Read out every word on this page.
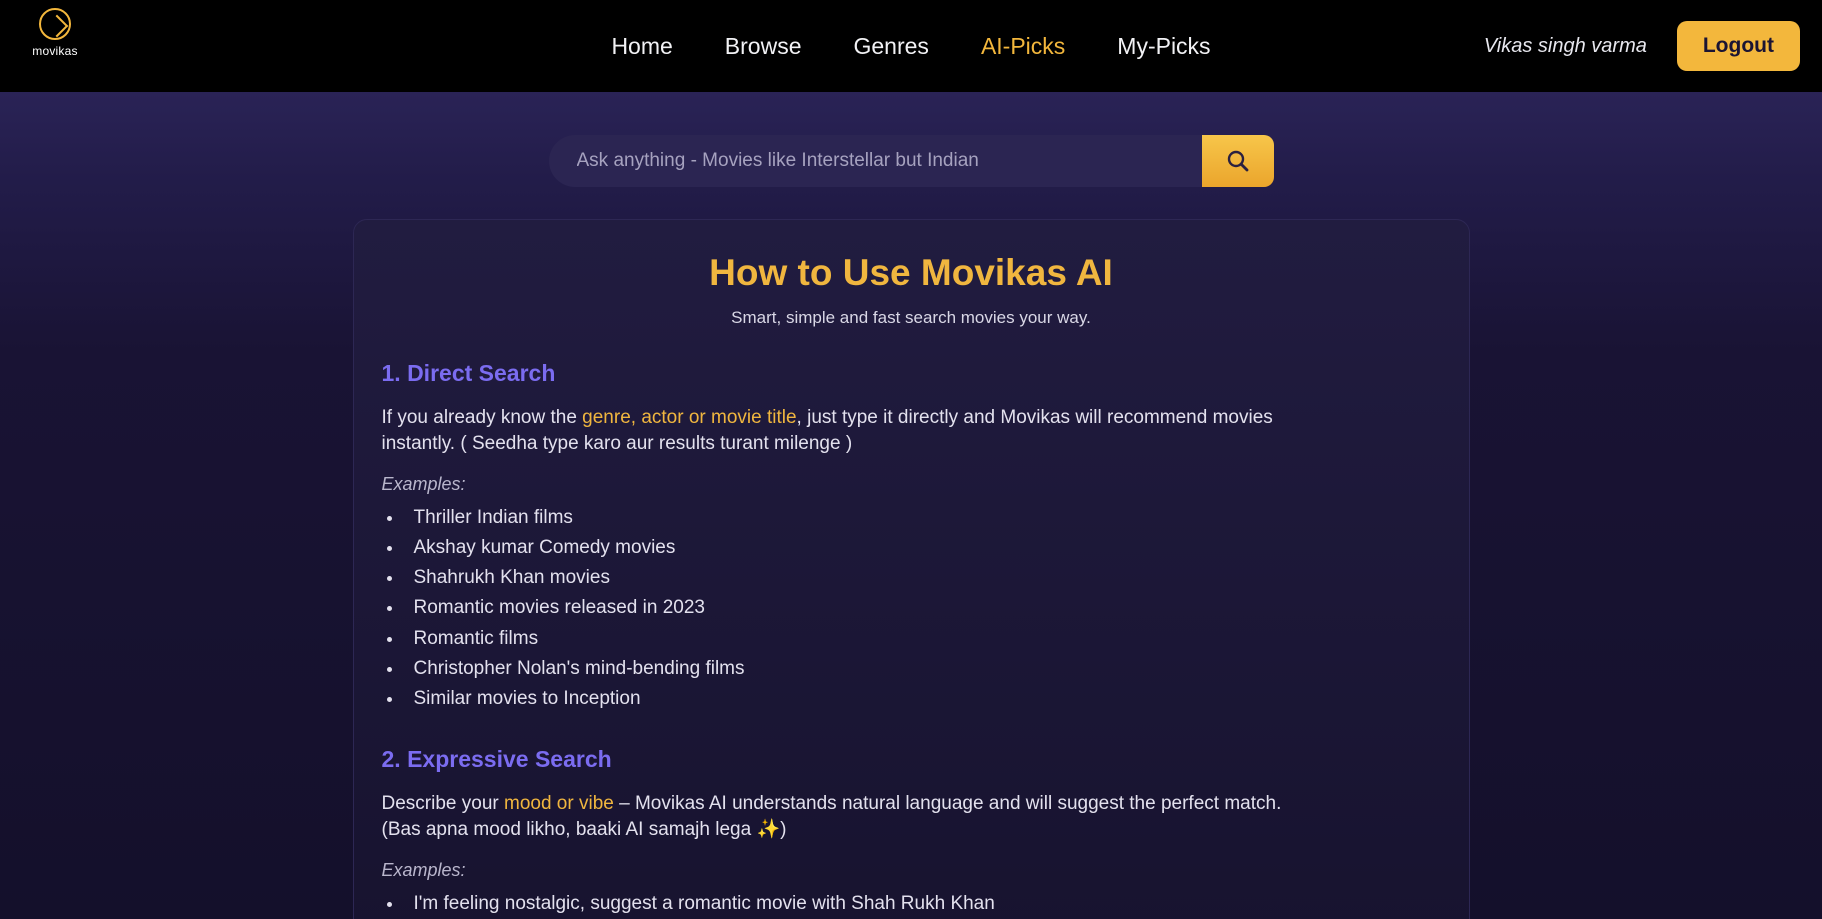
movikas	Home Browse Genres AI-Picks My-Picks	Vikas singh varma	Logout
Ask anything - Movies like Interstellar but Indian
How to Use Movikas AI
Smart, simple and fast search movies your way.
1. Direct Search

If you already know the genre, actor or movie title, just type it directly and Movikas will recommend movies instantly. ( Seedha type karo aur results turant milenge )

Examples:
• Thriller Indian films
• Akshay kumar Comedy movies
• Shahrukh Khan movies
• Romantic movies released in 2023
• Romantic films
• Christopher Nolan's mind-bending films
• Similar movies to Inception
2. Expressive Search

Describe your mood or vibe – Movikas AI understands natural language and will suggest the perfect match. (Bas apna mood likho, baaki AI samajh lega ✨)

Examples:
• I'm feeling nostalgic, suggest a romantic movie with Shah Rukh Khan
